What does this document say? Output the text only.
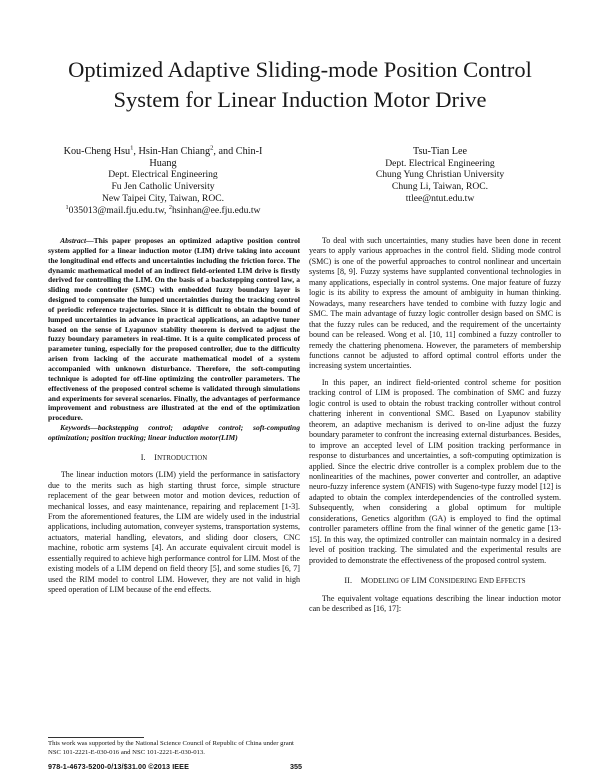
Optimized Adaptive Sliding-mode Position Control
System for Linear Induction Motor Drive
Kou-Cheng Hsu$^1$, Hsin-Han Chiang$^2$, and Chin-I
Huang
Dept. Electrical Engineering
Fu Jen Catholic University
New Taipei City, Taiwan, ROC.
$^1$035013@mail.fju.edu.tw, $^2$hsinhan@ee.fju.edu.tw
Tsu-Tian Lee
Dept. Electrical Engineering
Chung Yung Christian University
Chung Li, Taiwan, ROC.
ttlee@ntut.edu.tw

Abstract—This paper proposes an optimized adaptive position control system applied for a linear induction motor (LIM) drive taking into account the longitudinal end effects and uncertainties including the friction force. The dynamic mathematical model of an indirect field-oriented LIM drive is firstly derived for controlling the LIM. On the basis of a backstepping control law, a sliding mode controller (SMC) with embedded fuzzy boundary layer is designed to compensate the lumped uncertainties during the tracking control of periodic reference trajectories. Since it is difficult to obtain the bound of lumped uncertainties in advance in practical applications, an adaptive tuner based on the sense of Lyapunov stability theorem is derived to adjust the fuzzy boundary parameters in real-time. It is a quite complicated process of parameter tuning, especially for the proposed controller, due to the difficulty arisen from lacking of the accurate mathematical model of a system accompanied with unknown disturbance. Therefore, the soft-computing technique is adopted for off-line optimizing the controller parameters. The effectiveness of the proposed control scheme is validated through simulations and experiments for several scenarios. Finally, the advantages of performance improvement and robustness are illustrated at the end of the optimization procedure.

Keywords—backstepping control; adaptive control; soft-computing optimization; position tracking; linear induction motor(LIM)

I. INTRODUCTION

The linear induction motors (LIM) yield the performance in satisfactory due to the merits such as high starting thrust force, simple structure replacement of the gear between motor and motion devices, reduction of mechanical losses, and easy maintenance, repairing and replacement [1-3]. From the aforementioned features, the LIM are widely used in the industrial applications, including automation, conveyer systems, transportation systems, actuators, material handling, elevators, and sliding door closers, CNC machine, robotic arm systems [4]. An accurate equivalent circuit model is essentially required to achieve high performance control for LIM. Most of the existing models of a LIM depend on field theory [5], and some studies [6, 7] used the RIM model to control LIM. However, they are not valid in high speed operation of LIM because of the end effects.

To deal with such uncertainties, many studies have been done in recent years to apply various approaches in the control field. Sliding mode control (SMC) is one of the powerful approaches to control nonlinear and uncertain systems [8, 9]. Fuzzy systems have supplanted conventional technologies in many applications, especially in control systems. One major feature of fuzzy logic is its ability to express the amount of ambiguity in human thinking. Nowadays, many researchers have tended to combine with fuzzy logic and SMC. The main advantage of fuzzy logic controller design based on SMC is that the fuzzy rules can be reduced, and the requirement of the uncertainty bound can be released. Wong et al. [10, 11] combined a fuzzy controller to remedy the chattering phenomena. However, the parameters of membership functions cannot be adjusted to afford optimal control efforts under the increasing system uncertainties.

In this paper, an indirect field-oriented control scheme for position tracking control of LIM is proposed. The combination of SMC and fuzzy logic control is used to obtain the robust tracking controller without control chattering inherent in conventional SMC. Based on Lyapunov stability theorem, an adaptive mechanism is derived to on-line adjust the fuzzy boundary parameter to confront the increasing external disturbances. Besides, to improve an accepted level of LIM position tracking performance in response to disturbances and uncertainties, a soft-computing optimization is applied. Since the electric drive controller is a complex problem due to the nonlinearities of the machines, power converter and controller, an adaptive neuro-fuzzy inference system (ANFIS) with Sugeno-type fuzzy model [12] is adapted to obtain the complex interdependencies of the controlled system. Subsequently, when considering a global optimum for multiple considerations, Genetics algorithm (GA) is employed to find the optimal controller parameters offline from the final winner of the genetic game [13-15]. In this way, the optimized controller can maintain normalcy in a desired level of position tracking. The simulated and the experimental results are provided to demonstrate the effectiveness of the proposed control system.

II. MODELING OF LIM CONSIDERING END EFFECTS

The equivalent voltage equations describing the linear induction motor can be described as [16, 17]:

This work was supported by the National Science Council of Republic of China under grant NSC 101-2221-E-030-016 and NSC 101-2221-E-030-013.
978-1-4673-5200-0/13/$31.00 ©2013 IEEE	355
